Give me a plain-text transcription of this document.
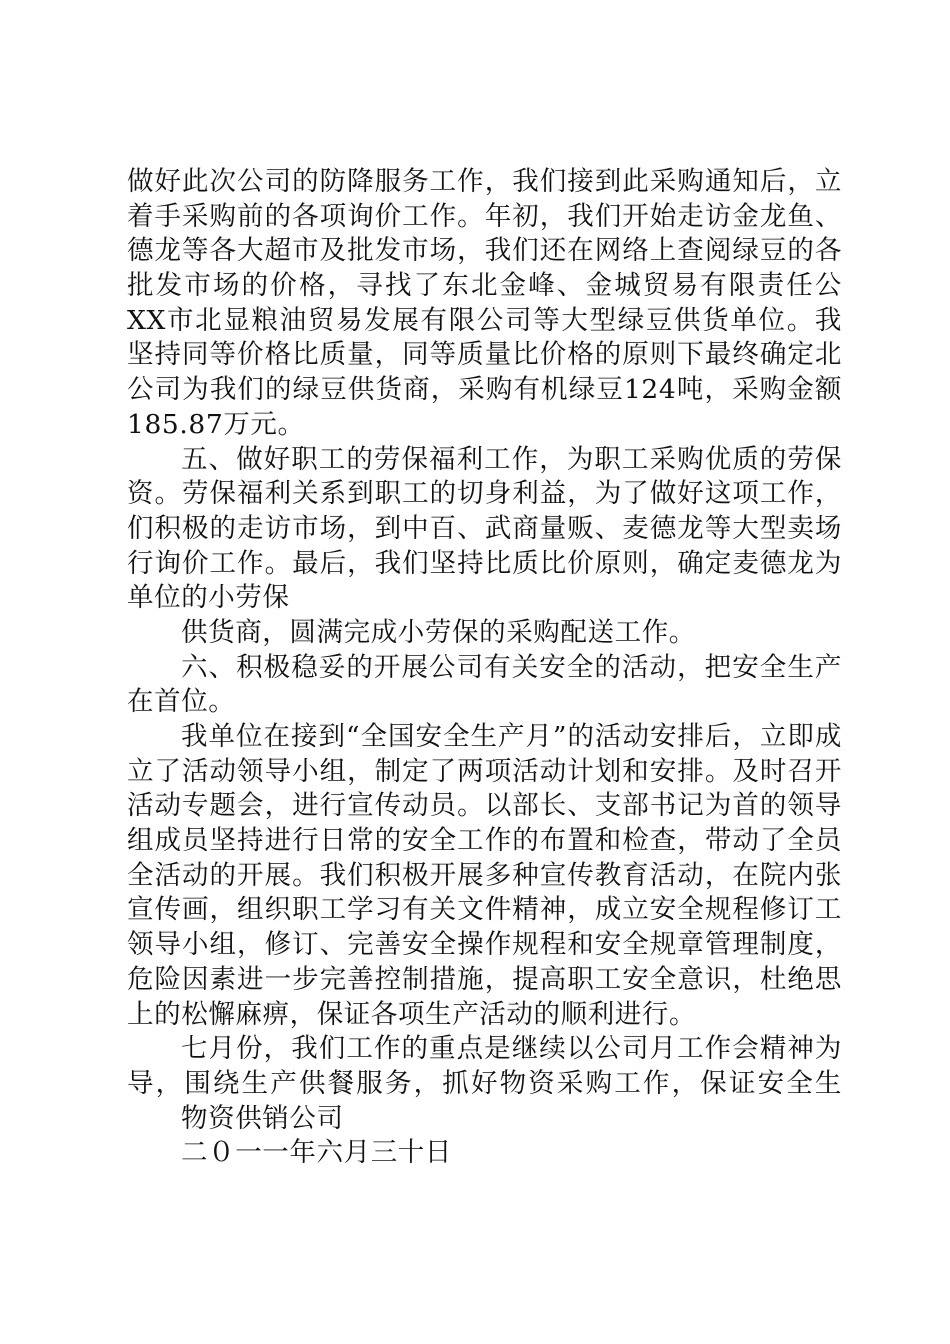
做好此次公司的防降服务工作，我们接到此采购通知后，立
着手采购前的各项询价工作。年初，我们开始走访金龙鱼、
德龙等各大超市及批发市场，我们还在网络上查阅绿豆的各
批发市场的价格，寻找了东北金峰、金城贸易有限责任公
XX市北显粮油贸易发展有限公司等大型绿豆供货单位。我
坚持同等价格比质量，同等质量比价格的原则下最终确定北
公司为我们的绿豆供货商，采购有机绿豆124吨，采购金额
185.87万元。
五、做好职工的劳保福利工作，为职工采购优质的劳保
资。劳保福利关系到职工的切身利益，为了做好这项工作，
们积极的走访市场，到中百、武商量贩、麦德龙等大型卖场
行询价工作。最后，我们坚持比质比价原则，确定麦德龙为
单位的小劳保
供货商，圆满完成小劳保的采购配送工作。
六、积极稳妥的开展公司有关安全的活动，把安全生产
在首位。
我单位在接到“全国安全生产月”的活动安排后，立即成
立了活动领导小组，制定了两项活动计划和安排。及时召开
活动专题会，进行宣传动员。以部长、支部书记为首的领导
组成员坚持进行日常的安全工作的布置和检查，带动了全员
全活动的开展。我们积极开展多种宣传教育活动，在院内张
宣传画，组织职工学习有关文件精神，成立安全规程修订工
领导小组，修订、完善安全操作规程和安全规章管理制度，
危险因素进一步完善控制措施，提高职工安全意识，杜绝思
上的松懈麻痹，保证各项生产活动的顺利进行。
七月份，我们工作的重点是继续以公司月工作会精神为
导，围绕生产供餐服务，抓好物资采购工作，保证安全生
物资供销公司
二０一一年六月三十日
